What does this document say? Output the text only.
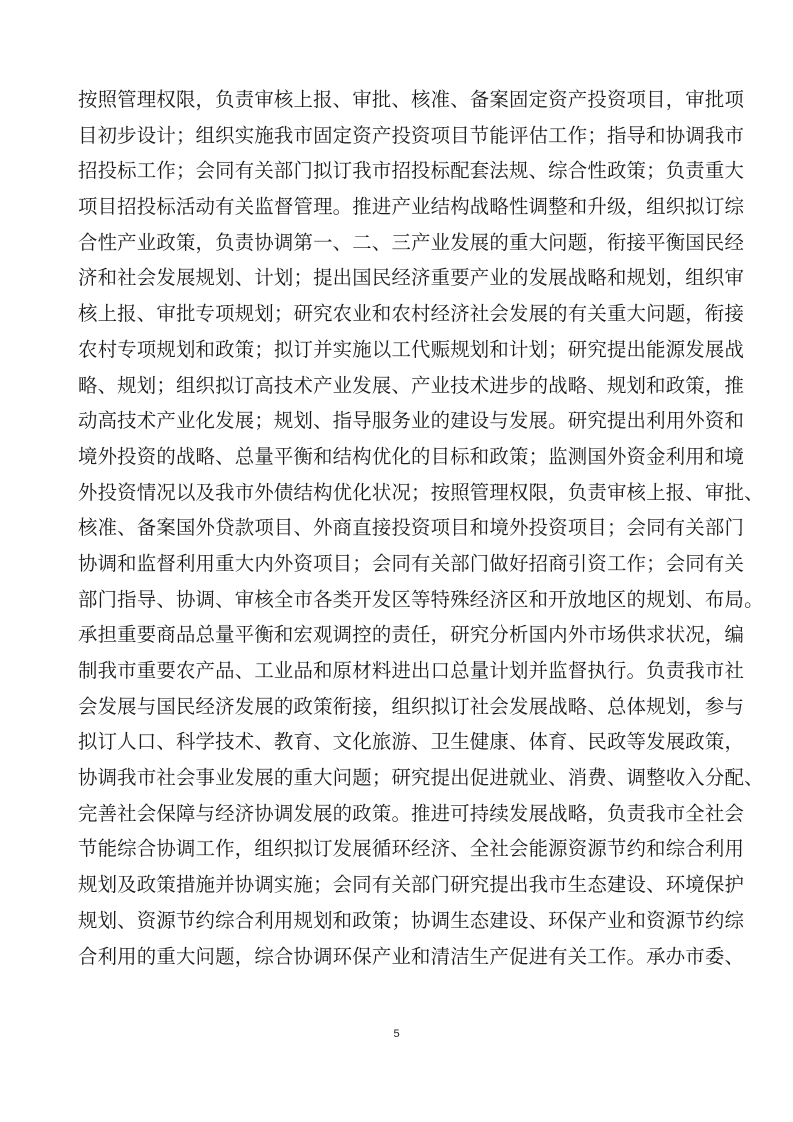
按照管理权限，负责审核上报、审批、核准、备案固定资产投资项目，审批项
目初步设计；组织实施我市固定资产投资项目节能评估工作；指导和协调我市
招投标工作；会同有关部门拟订我市招投标配套法规、综合性政策；负责重大
项目招投标活动有关监督管理。推进产业结构战略性调整和升级，组织拟订综
合性产业政策，负责协调第一、二、三产业发展的重大问题，衔接平衡国民经
济和社会发展规划、计划；提出国民经济重要产业的发展战略和规划，组织审
核上报、审批专项规划；研究农业和农村经济社会发展的有关重大问题，衔接
农村专项规划和政策；拟订并实施以工代赈规划和计划；研究提出能源发展战
略、规划；组织拟订高技术产业发展、产业技术进步的战略、规划和政策，推
动高技术产业化发展；规划、指导服务业的建设与发展。研究提出利用外资和
境外投资的战略、总量平衡和结构优化的目标和政策；监测国外资金利用和境
外投资情况以及我市外债结构优化状况；按照管理权限，负责审核上报、审批、
核准、备案国外贷款项目、外商直接投资项目和境外投资项目；会同有关部门
协调和监督利用重大内外资项目；会同有关部门做好招商引资工作；会同有关
部门指导、协调、审核全市各类开发区等特殊经济区和开放地区的规划、布局。
承担重要商品总量平衡和宏观调控的责任，研究分析国内外市场供求状况，编
制我市重要农产品、工业品和原材料进出口总量计划并监督执行。负责我市社
会发展与国民经济发展的政策衔接，组织拟订社会发展战略、总体规划，参与
拟订人口、科学技术、教育、文化旅游、卫生健康、体育、民政等发展政策，
协调我市社会事业发展的重大问题；研究提出促进就业、消费、调整收入分配、
完善社会保障与经济协调发展的政策。推进可持续发展战略，负责我市全社会
节能综合协调工作，组织拟订发展循环经济、全社会能源资源节约和综合利用
规划及政策措施并协调实施；会同有关部门研究提出我市生态建设、环境保护
规划、资源节约综合利用规划和政策；协调生态建设、环保产业和资源节约综
合利用的重大问题，综合协调环保产业和清洁生产促进有关工作。承办市委、
5
